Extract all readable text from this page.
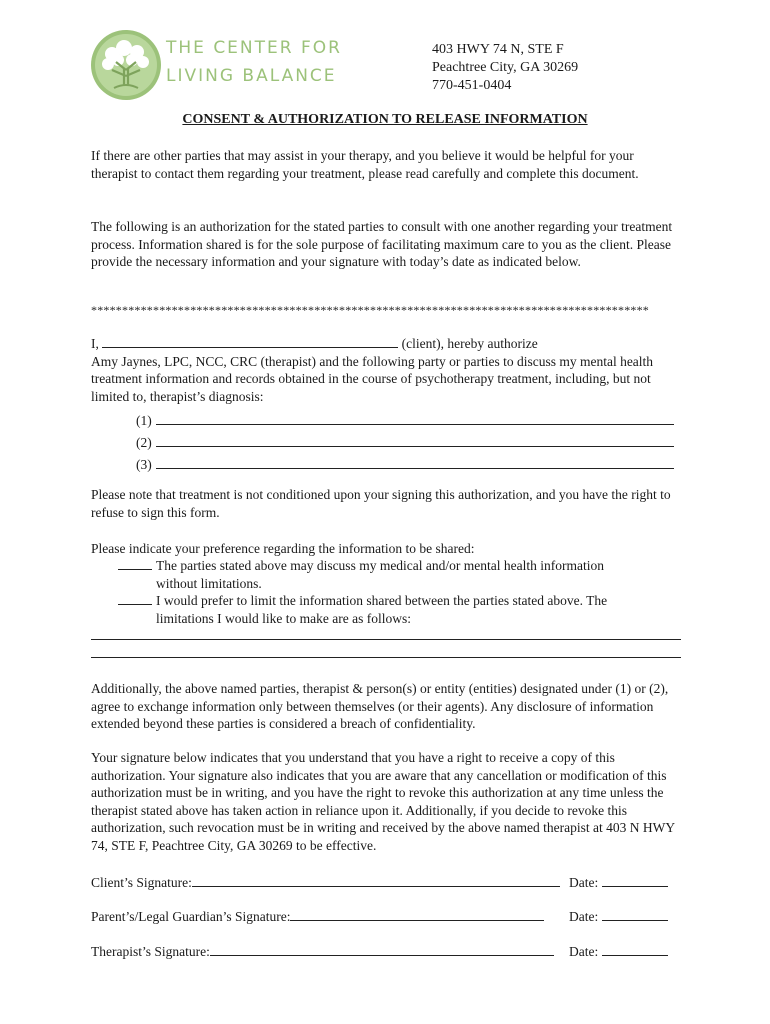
THE CENTER FOR
LIVING BALANCE
403 HWY 74 N, STE F
Peachtree City, GA 30269
770-451-0404
CONSENT & AUTHORIZATION TO RELEASE INFORMATION
If there are other parties that may assist in your therapy, and you believe it would be helpful for your therapist to contact them regarding your treatment, please read carefully and complete this document.
The following is an authorization for the stated parties to consult with one another regarding your treatment process. Information shared is for the sole purpose of facilitating maximum care to you as the client. Please provide the necessary information and your signature with today’s date as indicated below.
******************************************************************************************
I,	(client), hereby authorize
Amy Jaynes, LPC, NCC, CRC (therapist) and the following party or parties to discuss my mental health treatment information and records obtained in the course of psychotherapy treatment, including, but not limited to, therapist’s diagnosis:
(1)
(2)
(3)
Please note that treatment is not conditioned upon your signing this authorization, and you have the right to refuse to sign this form.
Please indicate your preference regarding the information to be shared:
The parties stated above may discuss my medical and/or mental health information
without limitations.
I would prefer to limit the information shared between the parties stated above. The
limitations I would like to make are as follows:
Additionally, the above named parties, therapist & person(s) or entity (entities) designated under (1) or (2), agree to exchange information only between themselves (or their agents). Any disclosure of information extended beyond these parties is considered a breach of confidentiality.
Your signature below indicates that you understand that you have a right to receive a copy of this authorization. Your signature also indicates that you are aware that any cancellation or modification of this authorization must be in writing, and you have the right to revoke this authorization at any time unless the therapist stated above has taken action in reliance upon it. Additionally, if you decide to revoke this authorization, such revocation must be in writing and received by the above named therapist at 403 N HWY 74, STE F, Peachtree City, GA 30269 to be effective.
Client’s Signature:	Date:
Parent’s/Legal Guardian’s Signature:	Date:
Therapist’s Signature:	Date:
